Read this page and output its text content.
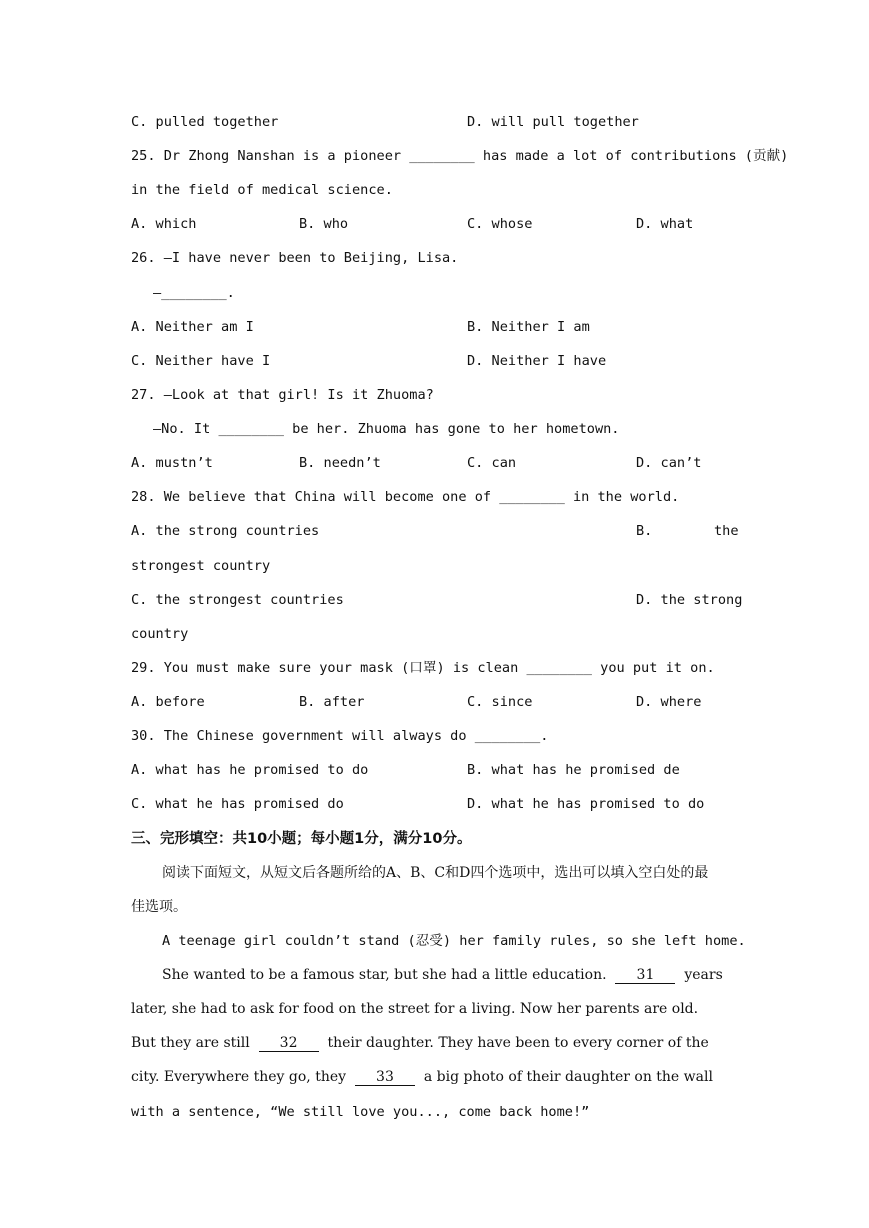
C. pulled together	D. will pull together
25. Dr Zhong Nanshan is a pioneer ________ has made a lot of contributions (贡献)
in the field of medical science.
A. which	B. who	C. whose	D. what
26. —I have never been to Beijing, Lisa.
—________.
A. Neither am I	B. Neither I am
C. Neither have I	D. Neither I have
27. —Look at that girl! Is it Zhuoma?
—No. It ________ be her. Zhuoma has gone to her hometown.
A. mustn’t	B. needn’t	C. can	D. can’t
28. We believe that China will become one of ________ in the world.
A. the strong countries	B.	the
strongest country
C. the strongest countries	D. the strong
country
29. You must make sure your mask (口罩) is clean ________ you put it on.
A. before	B. after	C. since	D. where
30. The Chinese government will always do ________.
A. what has he promised to do	B. what has he promised de
C. what he has promised do	D. what he has promised to do
三、完形填空：共10小题；每小题1分，满分10分。
阅读下面短文，从短文后各题所给的A、B、C和D四个选项中，选出可以填入空白处的最
佳选项。
A teenage girl couldn’t stand (忍受) her family rules, so she left home.
She wanted to be a famous star, but she had a little education. 31 years
later, she had to ask for food on the street for a living. Now her parents are old.
But they are still 32 their daughter. They have been to every corner of the
city. Everywhere they go, they 33 a big photo of their daughter on the wall
with a sentence, “We still love you..., come back home!”
